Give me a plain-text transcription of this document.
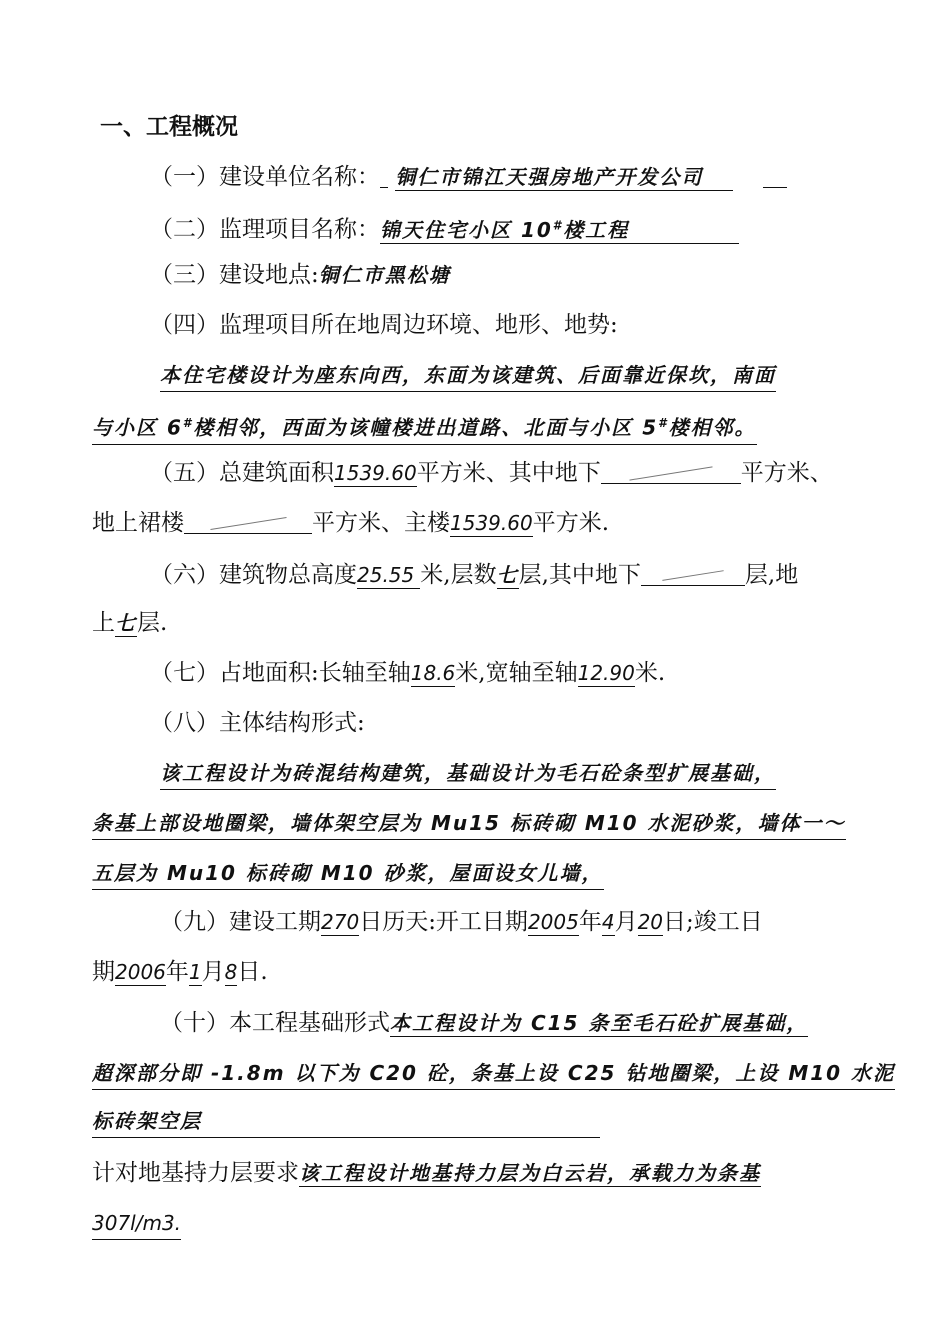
一、工程概况
（一）建设单位名称： 铜仁市锦江天强房地产开发公司
（二）监理项目名称：锦天住宅小区 10#楼工程
（三）建设地点:铜仁市黑松塘
（四）监理项目所在地周边环境、地形、地势:
本住宅楼设计为座东向西，东面为该建筑、后面靠近保坎，南面
与小区 6#楼相邻，西面为该幢楼进出道路、北面与小区 5#楼相邻。
（五）总建筑面积1539.60平方米、其中地下	平方米、
地上裙楼	平方米、主楼1539.60平方米.
（六）建筑物总高度25.55 米,层数七层,其中地下	层,地
上七层.
（七）占地面积:长轴至轴18.6米,宽轴至轴12.90米.
（八）主体结构形式:
该工程设计为砖混结构建筑，基础设计为毛石砼条型扩展基础，
条基上部设地圈梁，墙体架空层为 Mu15 标砖砌 M10 水泥砂浆，墙体一～
五层为 Mu10 标砖砌 M10 砂浆，屋面设女儿墙，
（九）建设工期270日历天:开工日期2005年4月20日;竣工日
期2006年1月8日.
（十）本工程基础形式本工程设计为 C15 条至毛石砼扩展基础，
超深部分即 -1.8m 以下为 C20 砼，条基上设 C25 钻地圈梁，上设 M10 水泥
标砖架空层
计对地基持力层要求该工程设计地基持力层为白云岩，承载力为条基
307l/m3.
